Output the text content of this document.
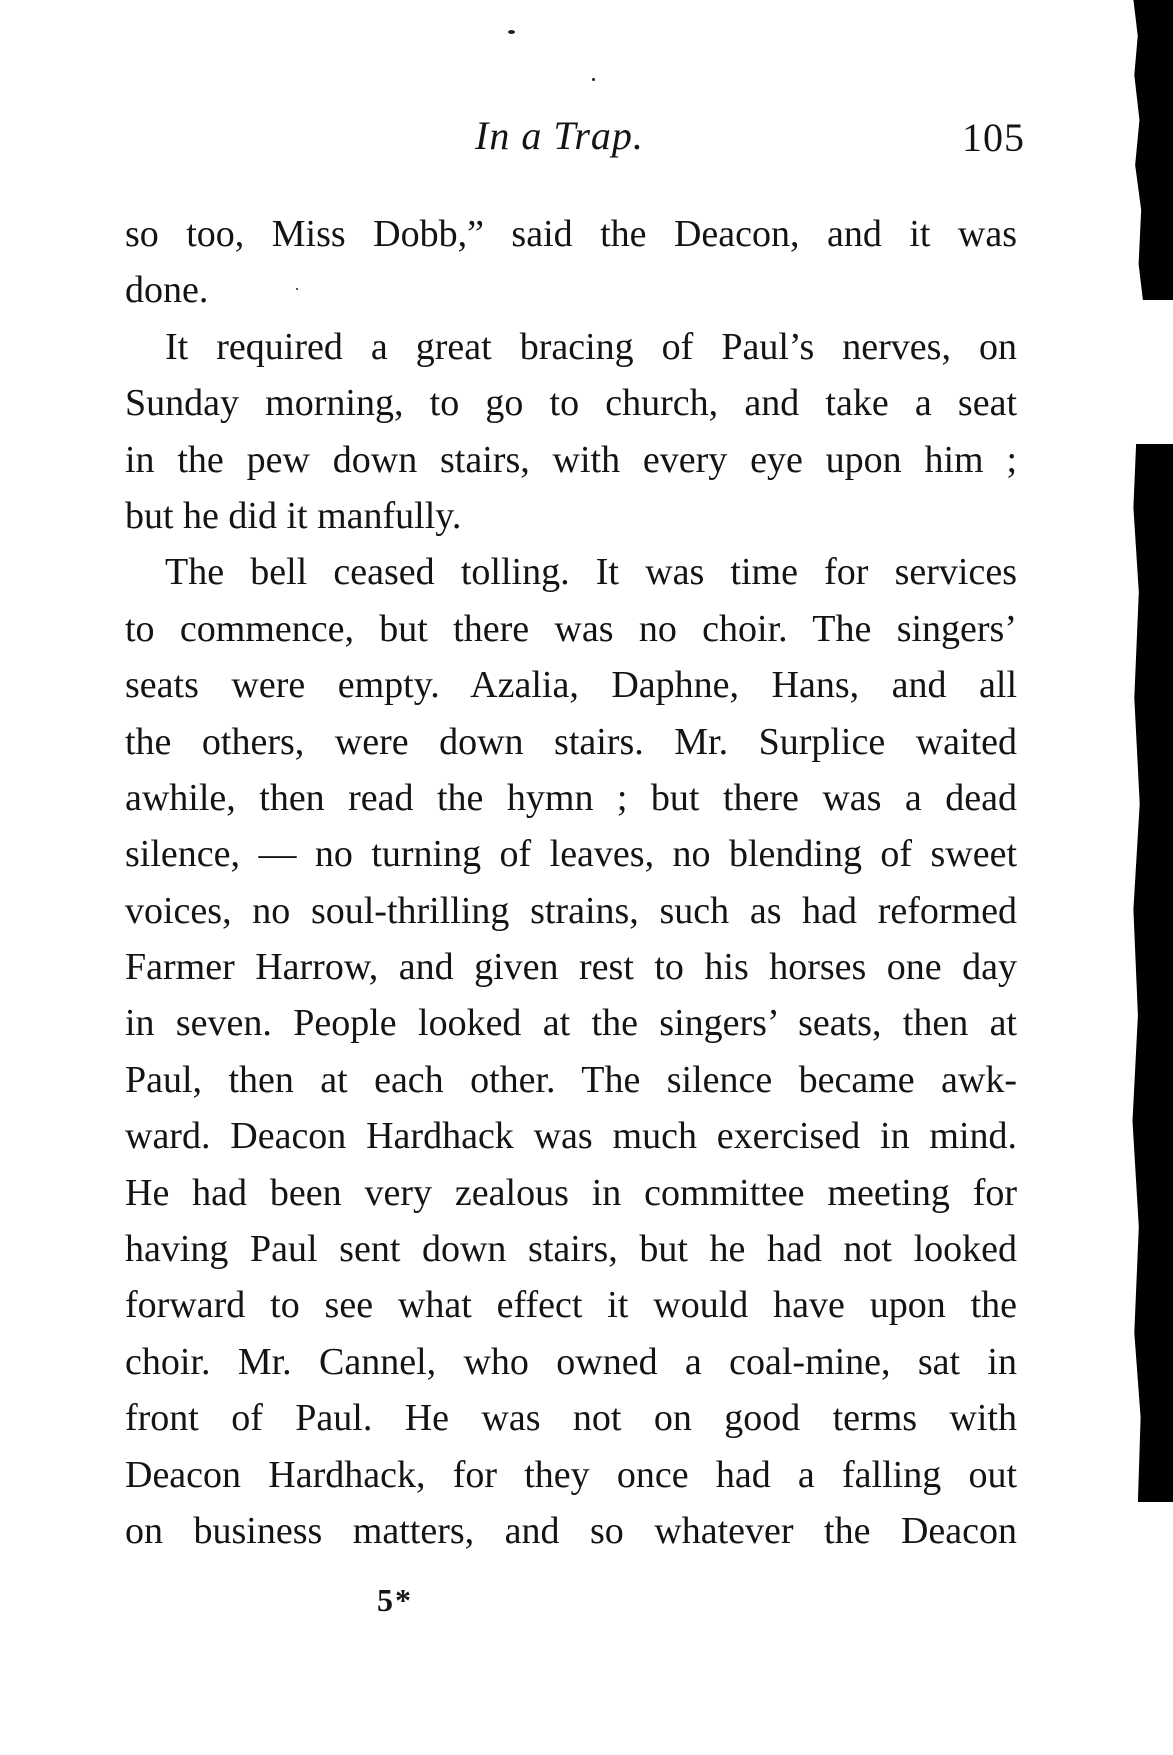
In a Trap.	105
so too, Miss Dobb,” said the Deacon, and it was
done.
It required a great bracing of Paul’s nerves, on
Sunday morning, to go to church, and take a seat
in the pew down stairs, with every eye upon him ;
but he did it manfully.
The bell ceased tolling. It was time for services
to commence, but there was no choir. The singers’
seats were empty. Azalia, Daphne, Hans, and all
the others, were down stairs. Mr. Surplice waited
awhile, then read the hymn ; but there was a dead
silence, — no turning of leaves, no blending of sweet
voices, no soul-thrilling strains, such as had reformed
Farmer Harrow, and given rest to his horses one day
in seven. People looked at the singers’ seats, then at
Paul, then at each other. The silence became awk-
ward. Deacon Hardhack was much exercised in mind.
He had been very zealous in committee meeting for
having Paul sent down stairs, but he had not looked
forward to see what effect it would have upon the
choir. Mr. Cannel, who owned a coal-mine, sat in
front of Paul. He was not on good terms with
Deacon Hardhack, for they once had a falling out
on business matters, and so whatever the Deacon
5*
